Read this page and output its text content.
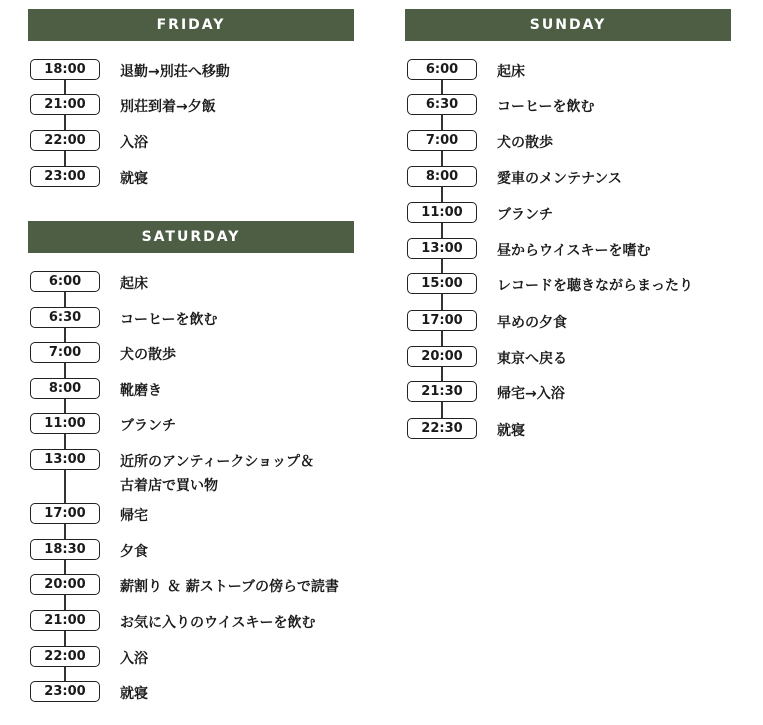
FRIDAY
18:00	退勤→別荘へ移動
21:00	別荘到着→夕飯
22:00	入浴
23:00	就寝
SATURDAY
6:00	起床
6:30	コーヒーを飲む
7:00	犬の散歩
8:00	靴磨き
11:00	ブランチ
13:00	近所のアンティークショップ＆
古着店で買い物
17:00	帰宅
18:30	夕食
20:00	薪割り ＆ 薪ストーブの傍らで読書
21:00	お気に入りのウイスキーを飲む
22:00	入浴
23:00	就寝
SUNDAY
6:00	起床
6:30	コーヒーを飲む
7:00	犬の散歩
8:00	愛車のメンテナンス
11:00	ブランチ
13:00	昼からウイスキーを嗜む
15:00	レコードを聴きながらまったり
17:00	早めの夕食
20:00	東京へ戻る
21:30	帰宅→入浴
22:30	就寝
